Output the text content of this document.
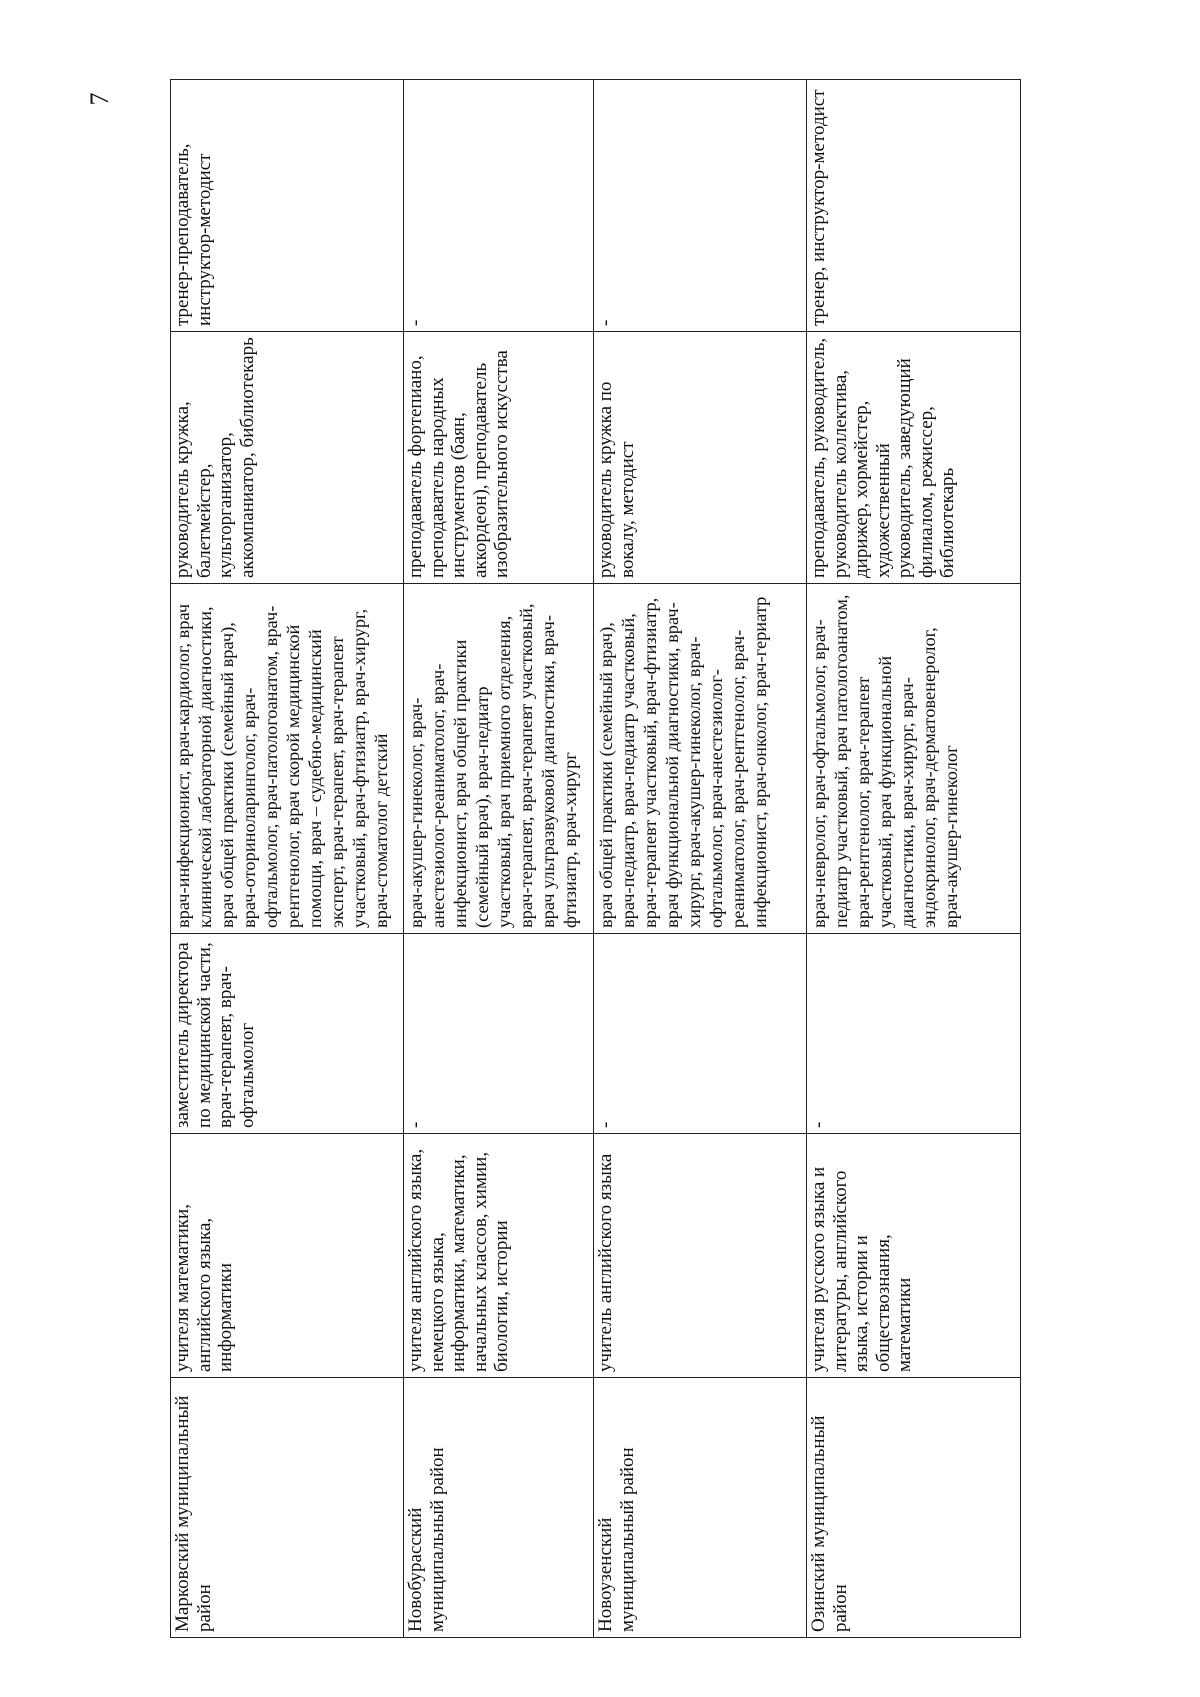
7
Марковский муниципальный район	учителя математики, английского языка, информатики	заместитель директора по медицинской части, врач-терапевт, врач-офтальмолог	врач-инфекционист, врач-кардиолог, врач клинической лабораторной диагностики, врач общей практики (семейный врач), врач-оториноларинголог, врач-офтальмолог, врач-патологоанатом, врач-рентгенолог, врач скорой медицинской помощи, врач – судебно-медицинский эксперт, врач-терапевт, врач-терапевт участковый, врач-фтизиатр, врач-хирург, врач-стоматолог детский	руководитель кружка, балетмейстер, культорганизатор, аккомпаниатор, библиотекарь	тренер-преподаватель, инструктор-методист
Новобурасский муниципальный район	учителя английского языка, немецкого языка, информатики, математики, начальных классов, химии, биологии, истории	-	врач-акушер-гинеколог, врач-анестезиолог-реаниматолог, врач-инфекционист, врач общей практики (семейный врач), врач-педиатр участковый, врач приемного отделения, врач-терапевт, врач-терапевт участковый, врач ультразвуковой диагностики, врач-фтизиатр, врач-хирург	преподаватель фортепиано, преподаватель народных инструментов (баян, аккордеон), преподаватель изобразительного искусства	-
Новоузенский муниципальный район	учитель английского языка	-	врач общей практики (семейный врач), врач-педиатр, врач-педиатр участковый, врач-терапевт участковый, врач-фтизиатр, врач функциональной диагностики, врач-хирург, врач-акушер-гинеколог, врач-офтальмолог, врач-анестезиолог-реаниматолог, врач-рентгенолог, врач-инфекционист, врач-онколог, врач-гериатр	руководитель кружка по вокалу, методист	-
Озинский муниципальный район	учителя русского языка и литературы, английского языка, истории и обществознания, математики	-	врач-невролог, врач-офтальмолог, врач-педиатр участковый, врач патологоанатом, врач-рентгенолог, врач-терапевт участковый, врач функциональной диагностики, врач-хирург, врач-эндокринолог, врач-дерматовенеролог, врач-акушер-гинеколог	преподаватель, руководитель, руководитель коллектива, дирижер, хормейстер, художественный руководитель, заведующий филиалом, режиссер, библиотекарь	тренер, инструктор-методист
